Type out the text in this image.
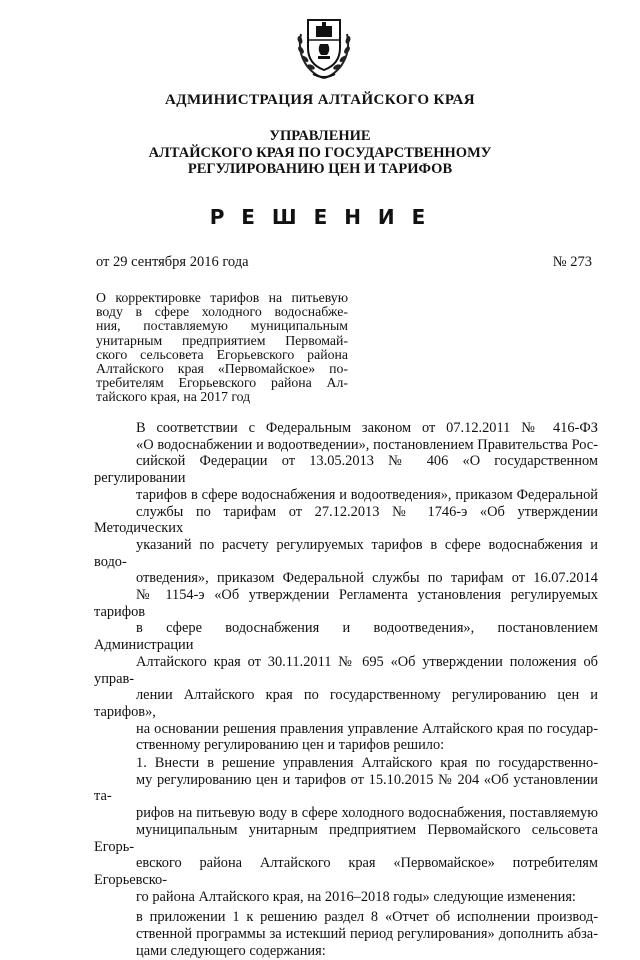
АДМИНИСТРАЦИЯ АЛТАЙСКОГО КРАЯ
УПРАВЛЕНИЕ
АЛТАЙСКОГО КРАЯ ПО ГОСУДАРСТВЕННОМУ
РЕГУЛИРОВАНИЮ ЦЕН И ТАРИФОВ
Р Е Ш Е Н И Е
от 29 сентября 2016 года	№ 273
О корректировке тарифов на питьевую
воду в сфере холодного водоснабже-
ния, поставляемую муниципальным
унитарным предприятием Первомай-
ского сельсовета Егорьевского района
Алтайского края «Первомайское» по-
требителям Егорьевского района Ал-
тайского края, на 2017 год

В соответствии с Федеральным законом от 07.12.2011 № 416-ФЗ
«О водоснабжении и водоотведении», постановлением Правительства Рос-
сийской Федерации от 13.05.2013 № 406 «О государственном регулировании
тарифов в сфере водоснабжения и водоотведения», приказом Федеральной
службы по тарифам от 27.12.2013 № 1746-э «Об утверждении Методических
указаний по расчету регулируемых тарифов в сфере водоснабжения и водо-
отведения», приказом Федеральной службы по тарифам от 16.07.2014
№ 1154-э «Об утверждении Регламента установления регулируемых тарифов
в сфере водоснабжения и водоотведения», постановлением Администрации
Алтайского края от 30.11.2011 № 695 «Об утверждении положения об управ-
лении Алтайского края по государственному регулированию цен и тарифов»,
на основании решения правления управление Алтайского края по государ-
ственному регулированию цен и тарифов решило:

1. Внести в решение управления Алтайского края по государственно-
му регулированию цен и тарифов от 15.10.2015 № 204 «Об установлении та-
рифов на питьевую воду в сфере холодного водоснабжения, поставляемую
муниципальным унитарным предприятием Первомайского сельсовета Егорь-
евского района Алтайского края «Первомайское» потребителям Егорьевско-
го района Алтайского края, на 2016–2018 годы» следующие изменения:

в приложении 1 к решению раздел 8 «Отчет об исполнении производ-
ственной программы за истекший период регулирования» дополнить абза-
цами следующего содержания:
